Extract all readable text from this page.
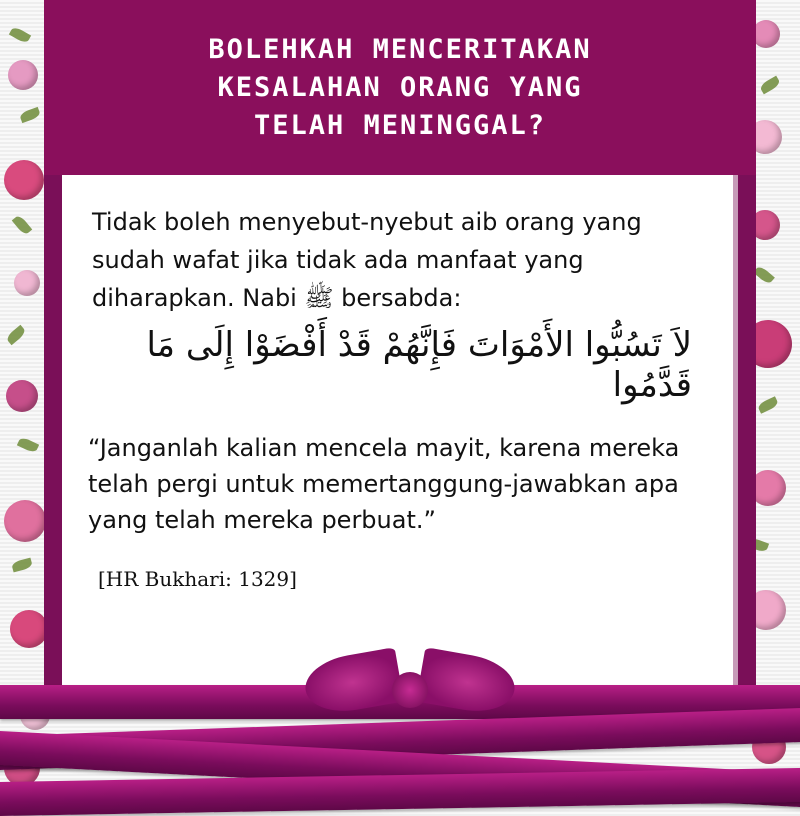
BOLEHKAH MENCERITAKAN
KESALAHAN ORANG YANG
TELAH MENINGGAL?
Tidak boleh menyebut-nyebut aib orang yang sudah wafat jika tidak ada manfaat yang diharapkan. Nabi ﷺ bersabda:
لاَ تَسُبُّوا الأَمْوَاتَ فَإِنَّهُمْ قَدْ أَفْضَوْا إِلَى مَا قَدَّمُوا
“Janganlah kalian mencela mayit, karena mereka telah pergi untuk memertanggung-jawabkan apa yang telah mereka perbuat.”
[HR Bukhari: 1329]
